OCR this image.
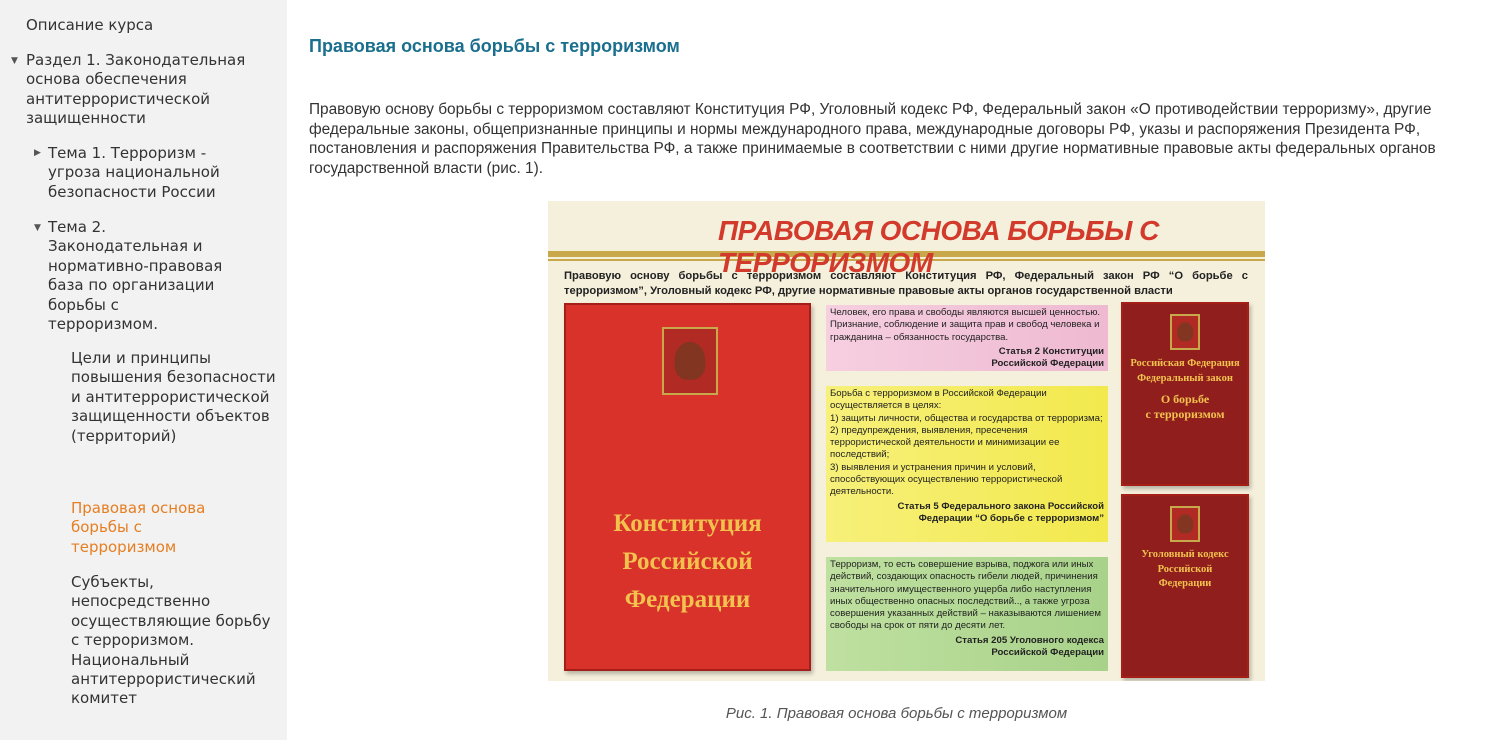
Описание курса
▼ Раздел 1. Законодательная основа обеспечения антитеррористической защищенности
▶ Тема 1. Терроризм - угроза национальной безопасности России
▼ Тема 2. Законодательная и нормативно-правовая база по организации борьбы с терроризмом.
Цели и принципы повышения безопасности и антитеррористической защищенности объектов (территорий)
Правовая основа борьбы с терроризмом
Субъекты, непосредственно осуществляющие борьбу с терроризмом. Национальный антитеррористический комитет
Правовая основа борьбы с терроризмом

Правовую основу борьбы с терроризмом составляют Конституция РФ, Уголовный кодекс РФ, Федеральный закон «О противодействии терроризму», другие федеральные законы, общепризнанные принципы и нормы международного права, международные договоры РФ, указы и распоряжения Президента РФ, постановления и распоряжения Правительства РФ, а также принимаемые в соответствии с ними другие нормативные правовые акты федеральных органов государственной власти (рис. 1).

ПРАВОВАЯ ОСНОВА БОРЬБЫ С ТЕРРОРИЗМОМ
Правовую основу борьбы с терроризмом составляют Конституция РФ, Федеральный закон РФ “О борьбе с терроризмом”, Уголовный кодекс РФ, другие нормативные правовые акты органов государственной власти
Конституция
Российской
Федерации
Человек, его права и свободы являются высшей ценностью. Признание, соблюдение и защита прав и свобод человека и гражданина – обязанность государства.
Статья 2 Конституции
Российской Федерации
Борьба с терроризмом в Российской Федерации осуществляется в целях:
1) защиты личности, общества и государства от терроризма;
2) предупреждения, выявления, пресечения террористической деятельности и минимизации ее последствий;
3) выявления и устранения причин и условий, способствующих осуществлению террористической деятельности.
Статья 5 Федерального закона Российской
Федерации “О борьбе с терроризмом”
Терроризм, то есть совершение взрыва, поджога или иных действий, создающих опасность гибели людей, причинения значительного имущественного ущерба либо наступления иных общественно опасных последствий.., а также угроза совершения указанных действий – наказываются лишением свободы на срок от пяти до десяти лет.
Статья 205 Уголовного кодекса
Российской Федерации
Российская Федерация
Федеральный закон
О борьбе
с терроризмом
Уголовный кодекс
Российской
Федерации
Рис. 1. Правовая основа борьбы с терроризмом
